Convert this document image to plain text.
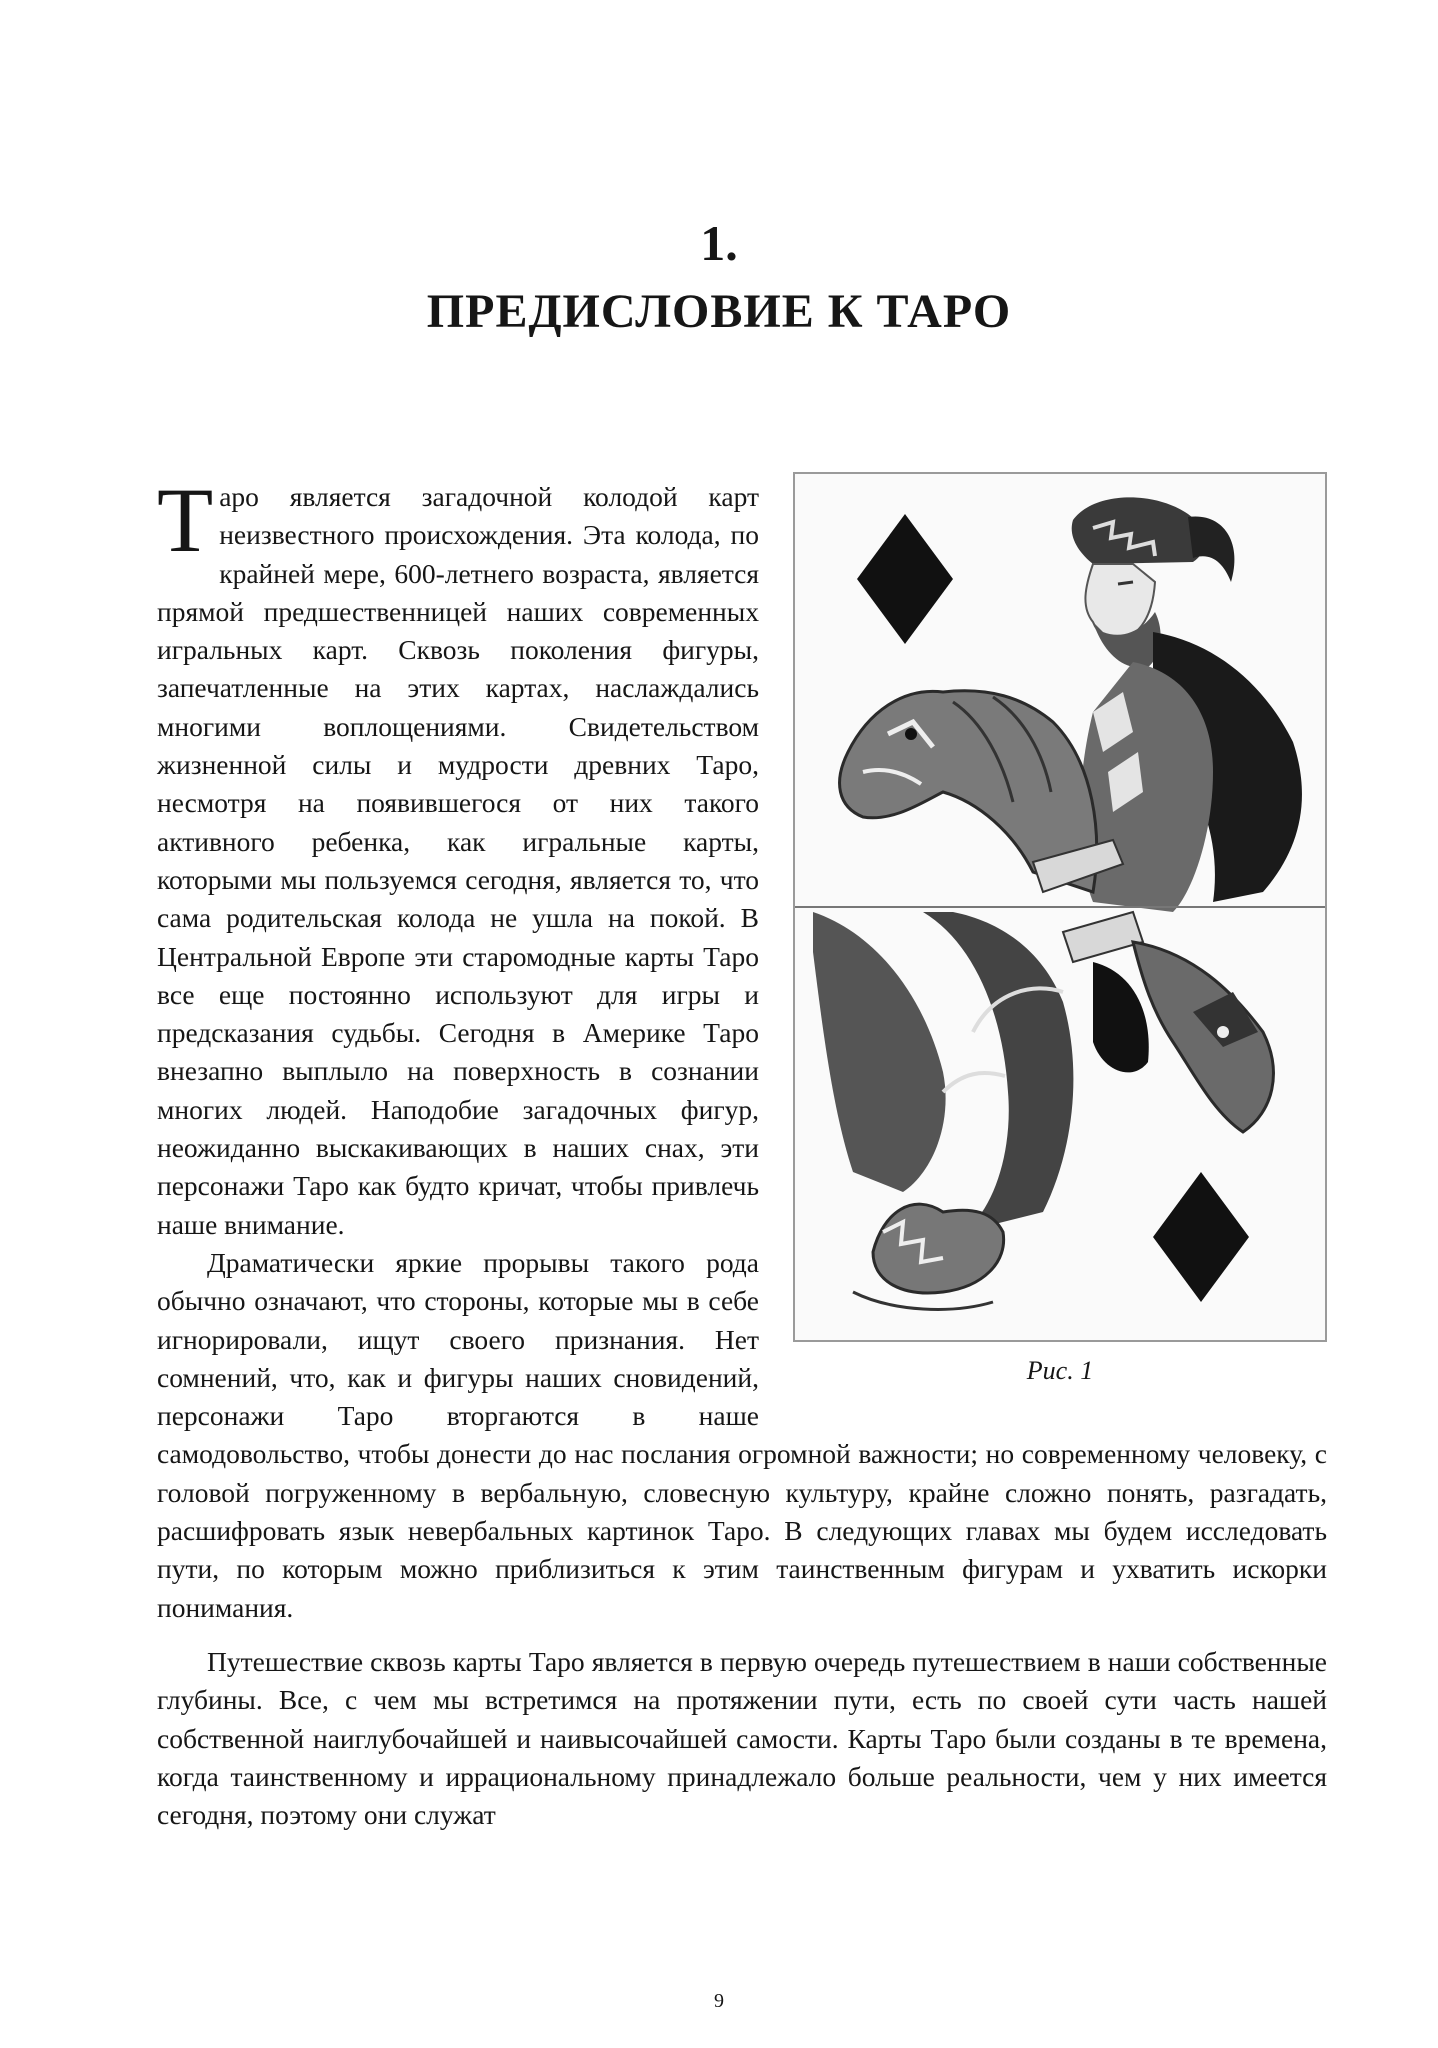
1.
ПРЕДИСЛОВИЕ К ТАРО
Рис. 1

Таро является загадочной колодой карт неизвестного происхождения. Эта колода, по крайней мере, 600-летнего возраста, является прямой предшественницей наших современных игральных карт. Сквозь поколения фигуры, запечатленные на этих картах, наслаждались многими воплощениями. Свидетельством жизненной силы и мудрости древних Таро, несмотря на появившегося от них такого активного ребенка, как игральные карты, которыми мы пользуемся сегодня, является то, что сама родительская колода не ушла на покой. В Центральной Европе эти старомодные карты Таро все еще постоянно используют для игры и предсказания судьбы. Сегодня в Америке Таро внезапно выплыло на поверхность в сознании многих людей. Наподобие загадочных фигур, неожиданно выскакивающих в наших снах, эти персонажи Таро как будто кричат, чтобы привлечь наше внимание.

Драматически яркие прорывы такого рода обычно означают, что стороны, которые мы в себе игнорировали, ищут своего признания. Нет сомнений, что, как и фигуры наших сновидений, персонажи Таро вторгаются в наше самодовольство, чтобы донести до нас послания огромной важности; но современному человеку, с головой погруженному в вербальную, словесную культуру, крайне сложно понять, разгадать, расшифровать язык невербальных картинок Таро. В следующих главах мы будем исследовать пути, по которым можно приблизиться к этим таинственным фигурам и ухватить искорки понимания.

Путешествие сквозь карты Таро является в первую очередь путешествием в наши собственные глубины. Все, с чем мы встретимся на протяжении пути, есть по своей сути часть нашей собственной наиглубочайшей и наивысочайшей самости. Карты Таро были созданы в те времена, когда таинственному и иррациональному принадлежало больше реальности, чем у них имеется сегодня, поэтому они служат

9
